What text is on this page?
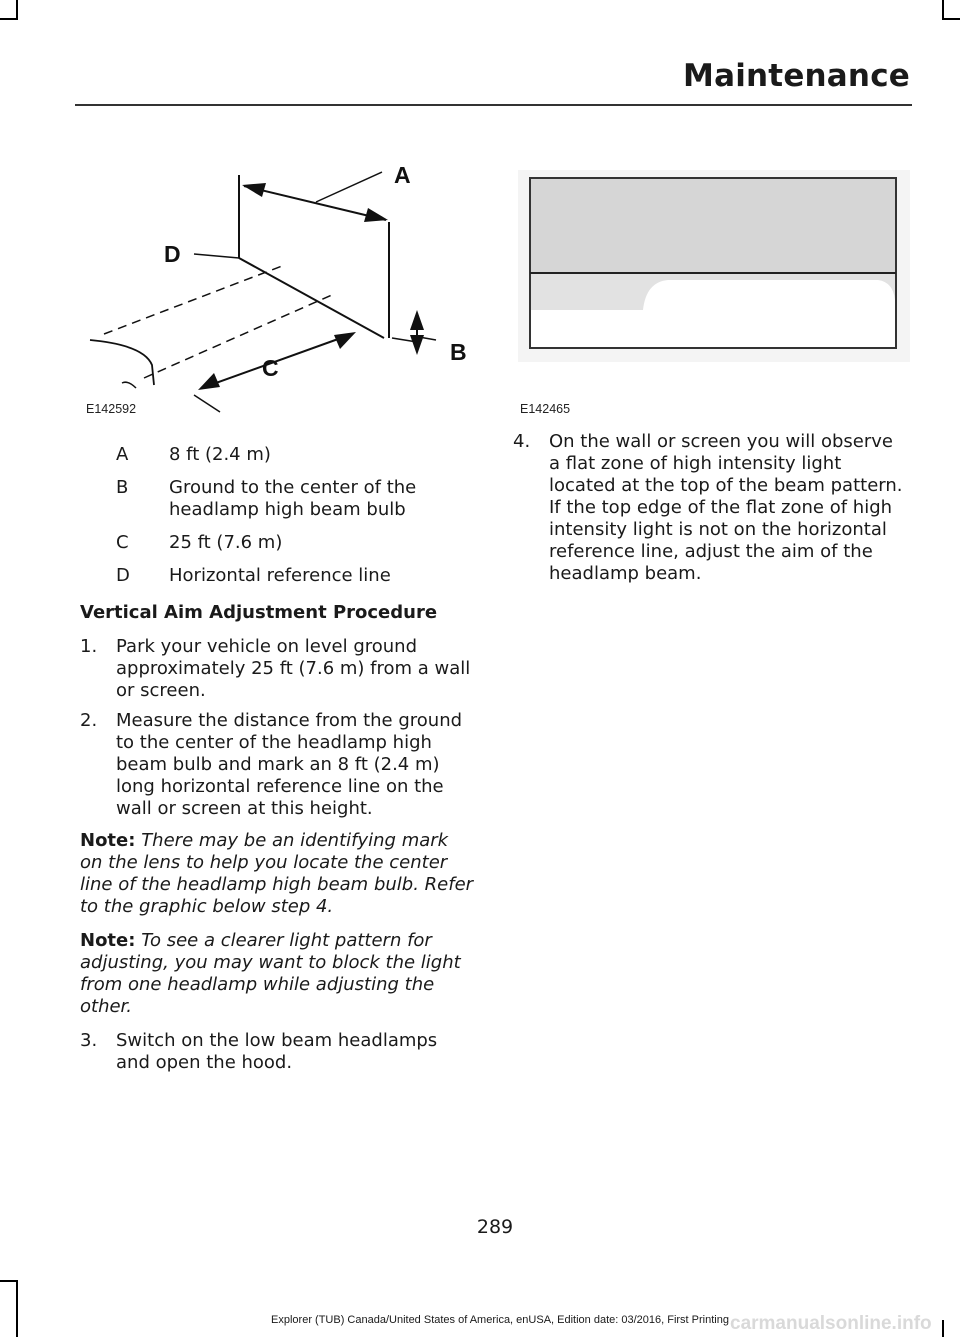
Maintenance
A
D
B
C
E142592	E142465
A	8 ft (2.4 m)
B	Ground to the center of the headlamp high beam bulb
C	25 ft (7.6 m)
D	Horizontal reference line
Vertical Aim Adjustment Procedure
1.	Park your vehicle on level ground approximately 25 ft (7.6 m) from a wall or screen.
2.	Measure the distance from the ground to the center of the headlamp high beam bulb and mark an 8 ft (2.4 m) long horizontal reference line on the wall or screen at this height.
Note: There may be an identifying mark on the lens to help you locate the center line of the headlamp high beam bulb. Refer to the graphic below step 4.
Note: To see a clearer light pattern for adjusting, you may want to block the light from one headlamp while adjusting the other.
3.	Switch on the low beam headlamps and open the hood.
4.	On the wall or screen you will observe a flat zone of high intensity light located at the top of the beam pattern. If the top edge of the flat zone of high intensity light is not on the horizontal reference line, adjust the aim of the headlamp beam.
289
Explorer (TUB) Canada/United States of America, enUSA, Edition date: 03/2016, First Printing carmanualsonline.info
